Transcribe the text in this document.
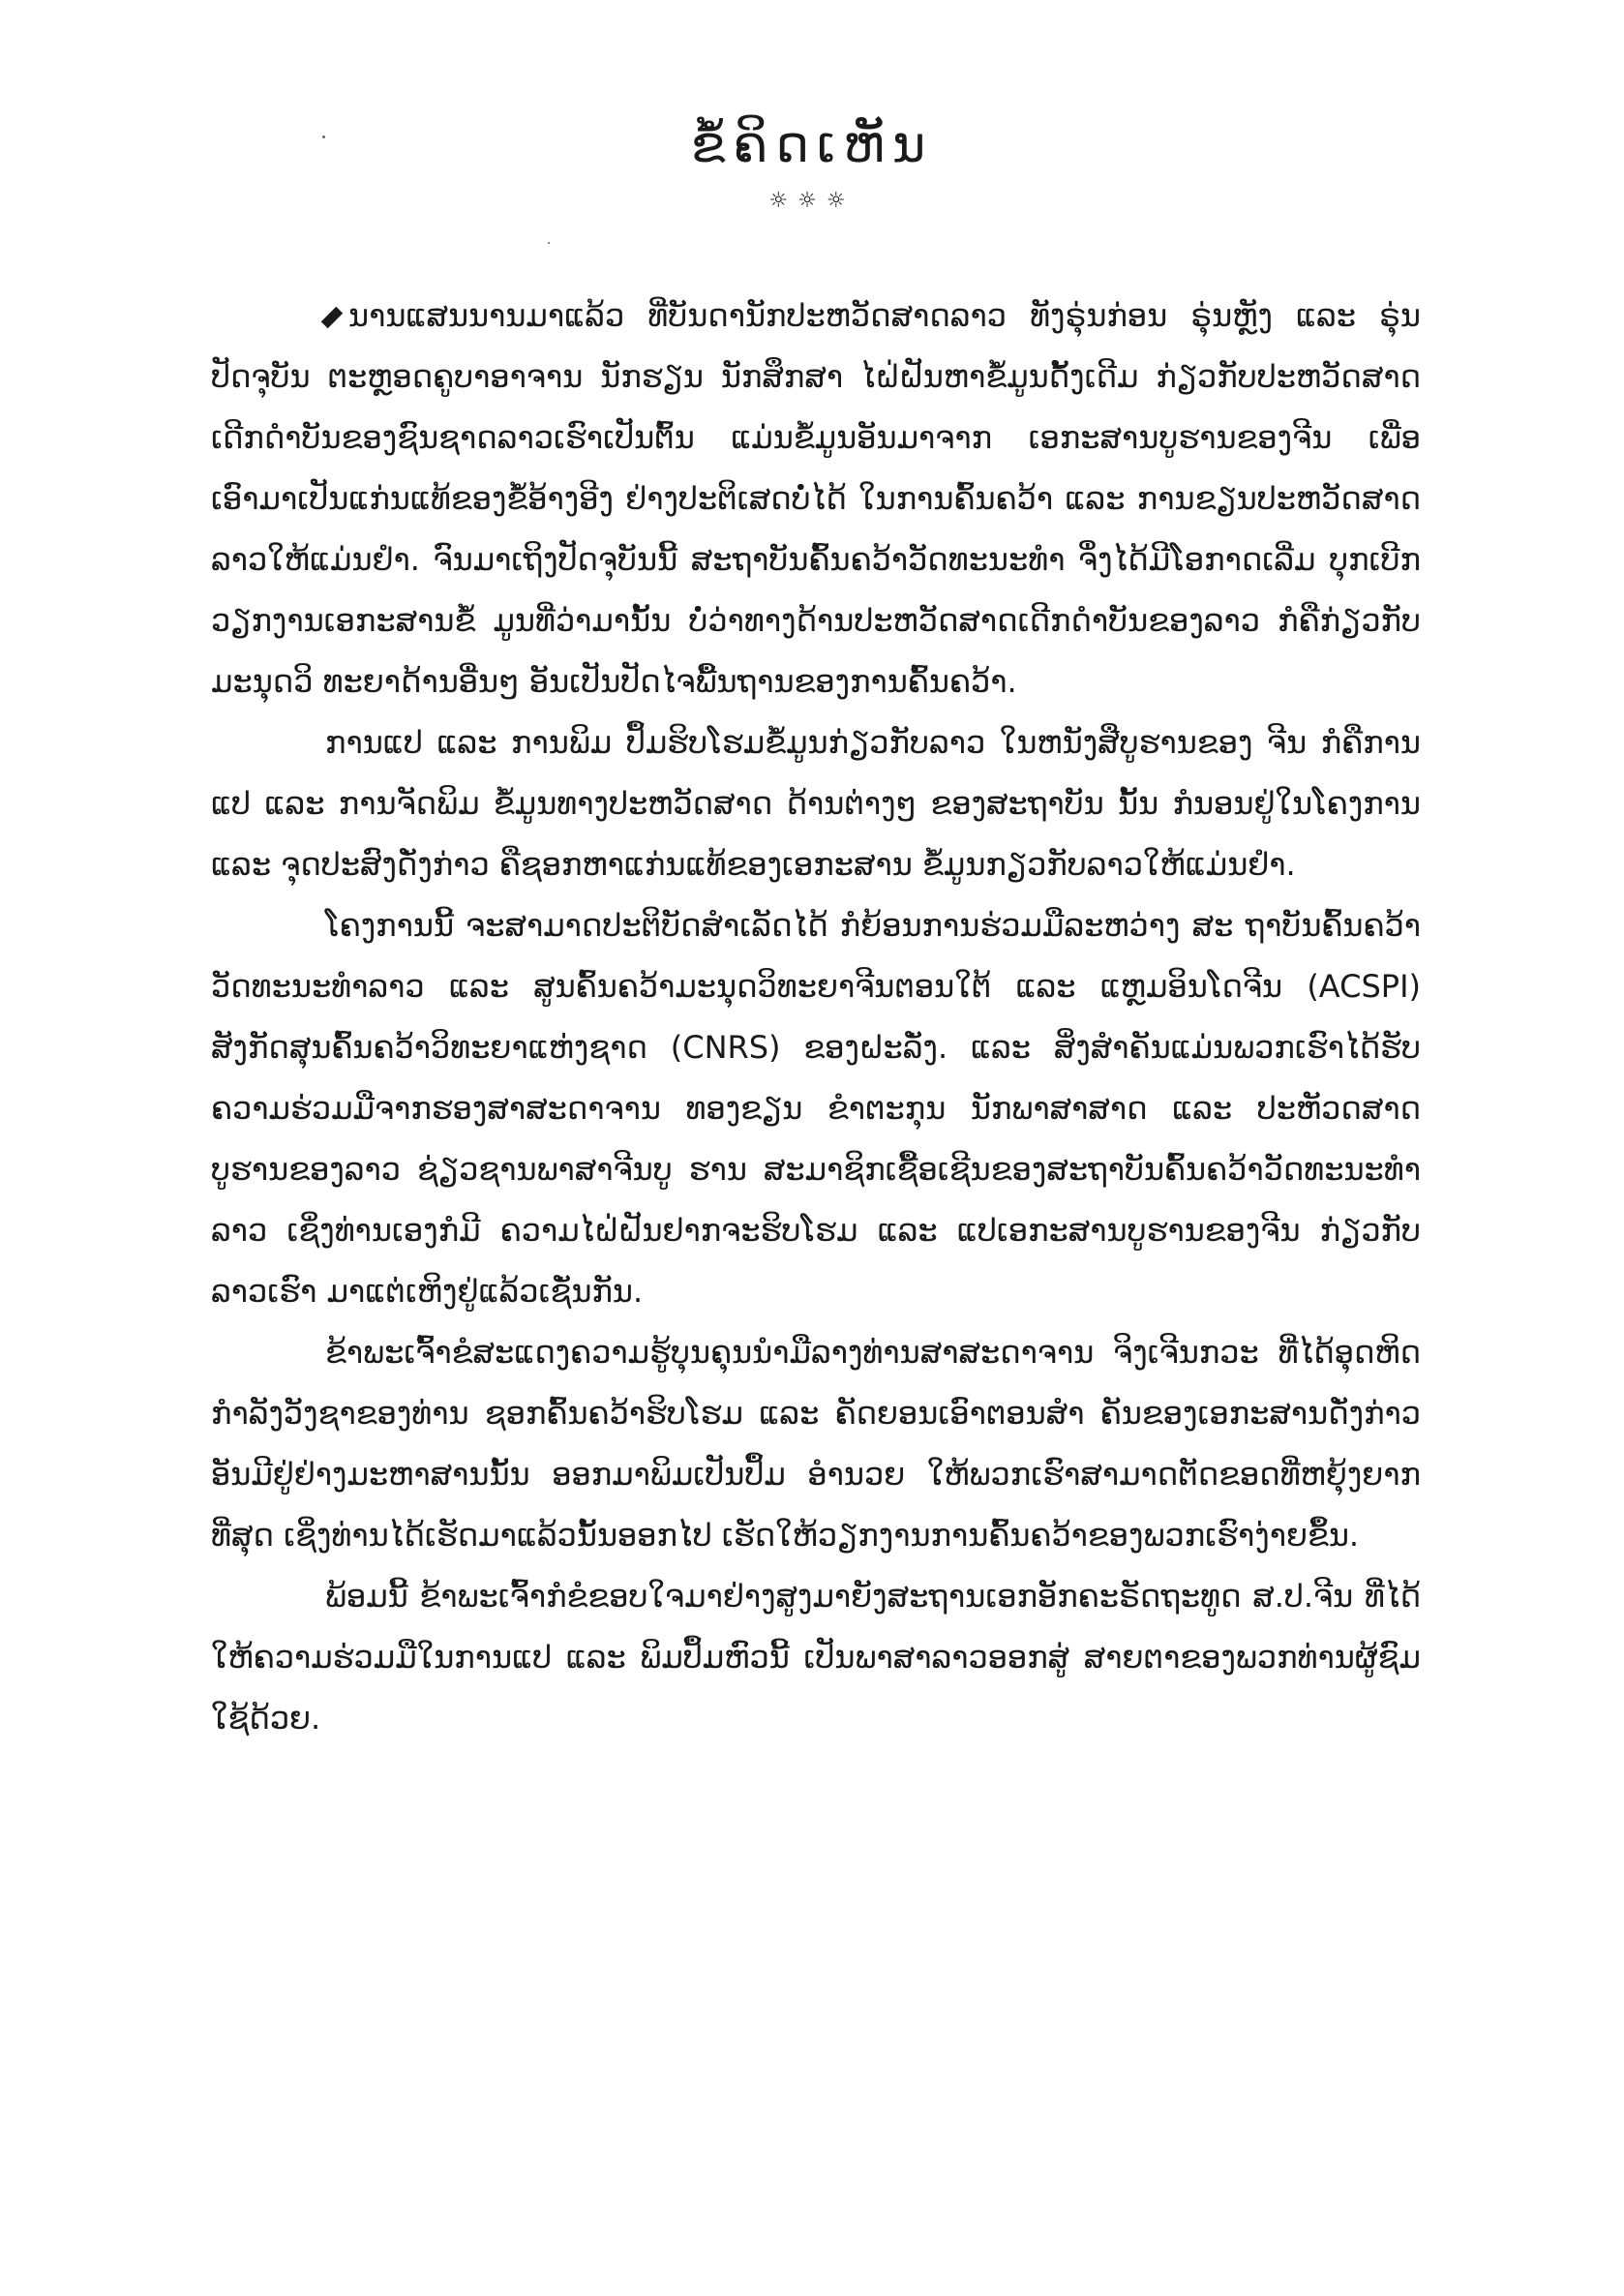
ຂໍ້ຄິດເຫັນ
☼☼☼

ນານແສນນານມາແລ້ວ ທີ່ບັນດານັກປະຫວັດສາດລາວ ທັງຣຸ່ນກ່ອນ ຣຸ່ນຫຼັງ ແລະ ຣຸ່ນປັດຈຸບັນ ຕະຫຼອດຄູບາອາຈານ ນັກຮຽນ ນັກສຶກສາ ໄຝ່ຝັນຫາຂໍ້ມູນດັ້ງເດີມ ກ່ຽວກັບປະຫວັດສາດເດີກດຳບັນຂອງຊົນຊາດລາວເຮົາເປັນຕົ້ນ ແມ່ນຂໍ້ມູນອັນມາຈາກ ເອກະສານບູຮານຂອງຈີນ ເພື່ອເອົາມາເປັນແກ່ນແທ້ຂອງຂໍ້ອ້າງອີງ ຢ່າງປະຕິເສດບໍ່ໄດ້ ໃນການຄົ້ນຄວ້າ ແລະ ການຂຽນປະຫວັດສາດລາວໃຫ້ແມ່ນຢຳ. ຈົນມາເຖິງປັດຈຸບັນນີ້ ສະຖາບັນຄົ້ນຄວ້າວັດທະນະທຳ ຈຶ່ງໄດ້ມີໂອກາດເລີ່ມ ບຸກເບີກວຽກງານເອກະສານຂໍ້ ມູນທີ່ວ່າມານັ້ນ ບໍ່ວ່າທາງດ້ານປະຫວັດສາດເດີກດຳບັນຂອງລາວ ກໍຄືກ່ຽວກັບ ມະນຸດວິ ທະຍາດ້ານອື່ນໆ ອັນເປັນປັດໄຈພື້ນຖານຂອງການຄົ້ນຄວ້າ.

ການແປ ແລະ ການພິມ ປຶ້ມຮິບໂຮມຂໍ້ມູນກ່ຽວກັບລາວ ໃນຫນັງສືບູຮານຂອງ ຈີນ ກໍຄືການແປ ແລະ ການຈັດພິມ ຂໍ້ມູນທາງປະຫວັດສາດ ດ້ານຕ່າງໆ ຂອງສະຖາບັນ ນັ້ນ ກໍນອນຢູ່ໃນໂຄງການ ແລະ ຈຸດປະສົງດັ່ງກ່າວ ຄືຊອກຫາແກ່ນແທ້ຂອງເອກະສານ ຂໍ້ມູນກຽວກັບລາວໃຫ້ແມ່ນຢຳ.

ໂຄງການນີ້ ຈະສາມາດປະຕິບັດສຳເລັດໄດ້ ກໍຍ້ອນການຮ່ວມມືລະຫວ່າງ ສະ ຖາບັນຄົ້ນຄວ້າວັດທະນະທຳລາວ ແລະ ສູນຄົ້ນຄວ້າມະນຸດວິທະຍາຈີນຕອນໃຕ້ ແລະ ແຫຼມອິນໂດຈີນ (ACSPI) ສັງກັດສຸນຄົ້ນຄວ້າວິທະຍາແຫ່ງຊາດ (CNRS) ຂອງຝະລັ່ງ. ແລະ ສິ່ງສຳຄັນແມ່ນພວກເຮົາໄດ້ຮັບຄວາມຮ່ວມມືຈາກຮອງສາສະດາຈານ ທອງຂຽນ ຂຳຕະກຸນ ນັກພາສາສາດ ແລະ ປະຫັວດສາດບູຮານຂອງລາວ ຊ່ຽວຊານພາສາຈີນບູ ຮານ ສະມາຊິກເຊື້ອເຊີນຂອງສະຖາບັນຄົ້ນຄວ້າວັດທະນະທຳລາວ ເຊິ່ງທ່ານເອງກໍມີ ຄວາມໄຝ່ຝັນຢາກຈະຮິບໂຮມ ແລະ ແປເອກະສານບູຮານຂອງຈີນ ກ່ຽວກັບລາວເຮົາ ມາແຕ່ເຫິງຢູ່ແລ້ວເຊັ່ນກັນ.

ຂ້າພະເຈົ້າຂໍສະແດງຄວາມຮູ້ບຸນຄຸນນຳມືລາງທ່ານສາສະດາຈານ ຈິງເຈີນກວະ ທີ່ໄດ້ອຸດຫິດກຳລັງວັງຊາຂອງທ່ານ ຊອກຄົ້ນຄວ້າຮິບໂຮມ ແລະ ຄັດຍອນເອົາຕອນສຳ ຄັນຂອງເອກະສານດັ່ງກ່າວ ອັນມີຢູ່ຢ່າງມະຫາສານນັ້ນ ອອກມາພິມເປັນປຶ້ມ ອຳນວຍ ໃຫ້ພວກເຮົາສາມາດຕັດຂອດທີ່ຫຍຸ້ງຍາກທີ່ສຸດ ເຊິ່ງທ່ານໄດ້ເຮັດມາແລ້ວນັ້ນອອກໄປ ເຮັດໃຫ້ວຽກງານການຄົ້ນຄວ້າຂອງພວກເຮົາງ່າຍຂຶ້ນ.

ພ້ອມນີ້ ຂ້າພະເຈົ້າກໍຂໍຂອບໃຈມາຢ່າງສູງມາຍັງສະຖານເອກອັກຄະຣັດຖະທູດ ສ.ປ.ຈີນ ທີ່ໄດ້ໃຫ້ຄວາມຮ່ວມມືໃນການແປ ແລະ ພິມປຶ້ມຫົວນີ້ ເປັນພາສາລາວອອກສູ່ ສາຍຕາຂອງພວກທ່ານຜູ້ຊົມໃຊ້ດ້ວຍ.
